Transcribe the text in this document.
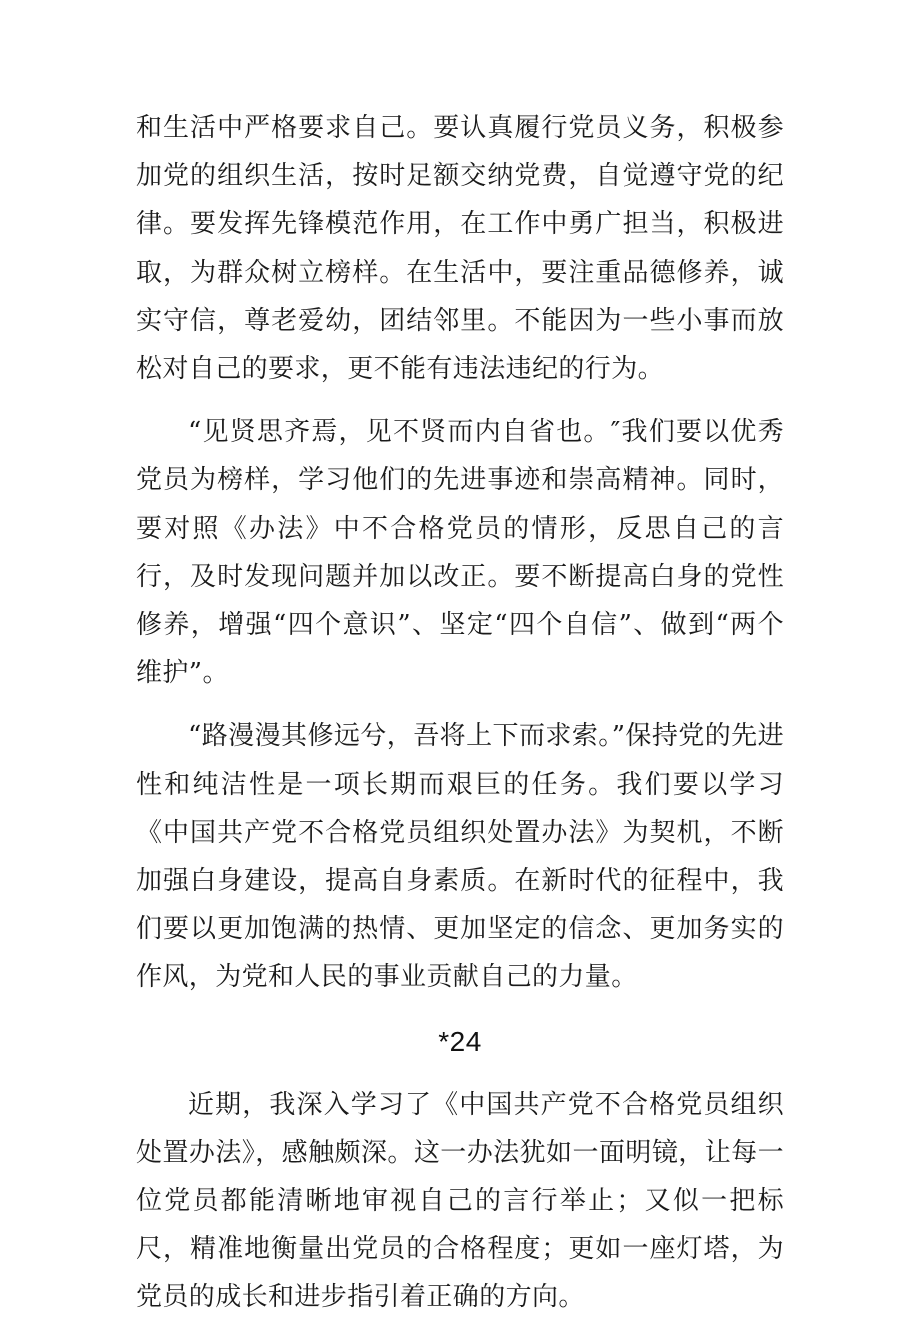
和生活中严格要求自己。要认真履行党员义务，积极参加党的组织生活，按时足额交纳党费，自觉遵守党的纪律。要发挥先锋模范作用，在工作中勇广担当，积极进取，为群众树立榜样。在生活中，要注重品德修养，诚实守信，尊老爱幼，团结邻里。不能因为一些小事而放松对自己的要求，更不能有违法违纪的行为。

“见贤思齐焉，见不贤而内自省也。″我们要以优秀党员为榜样，学习他们的先进事迹和崇高精神。同时，要对照《办法》中不合格党员的情形，反思自己的言行，及时发现问题并加以改正。要不断提高白身的党性修养，增强“四个意识”、坚定“四个自信”、做到“两个维护”。

“路漫漫其修远兮，吾将上下而求索。”保持党的先进性和纯洁性是一项长期而艰巨的任务。我们要以学习《中国共产党不合格党员组织处置办法》为契机，不断加强白身建设，提高自身素质。在新时代的征程中，我们要以更加饱满的热情、更加坚定的信念、更加务实的作风，为党和人民的事业贡献自己的力量。

*24

近期，我深入学习了《中国共产党不合格党员组织处置办法》，感触颇深。这一办法犹如一面明镜，让每一位党员都能清晰地审视自己的言行举止；又似一把标尺，精准地衡量出党员的合格程度；更如一座灯塔，为党员的成长和进步指引着正确的方向。
